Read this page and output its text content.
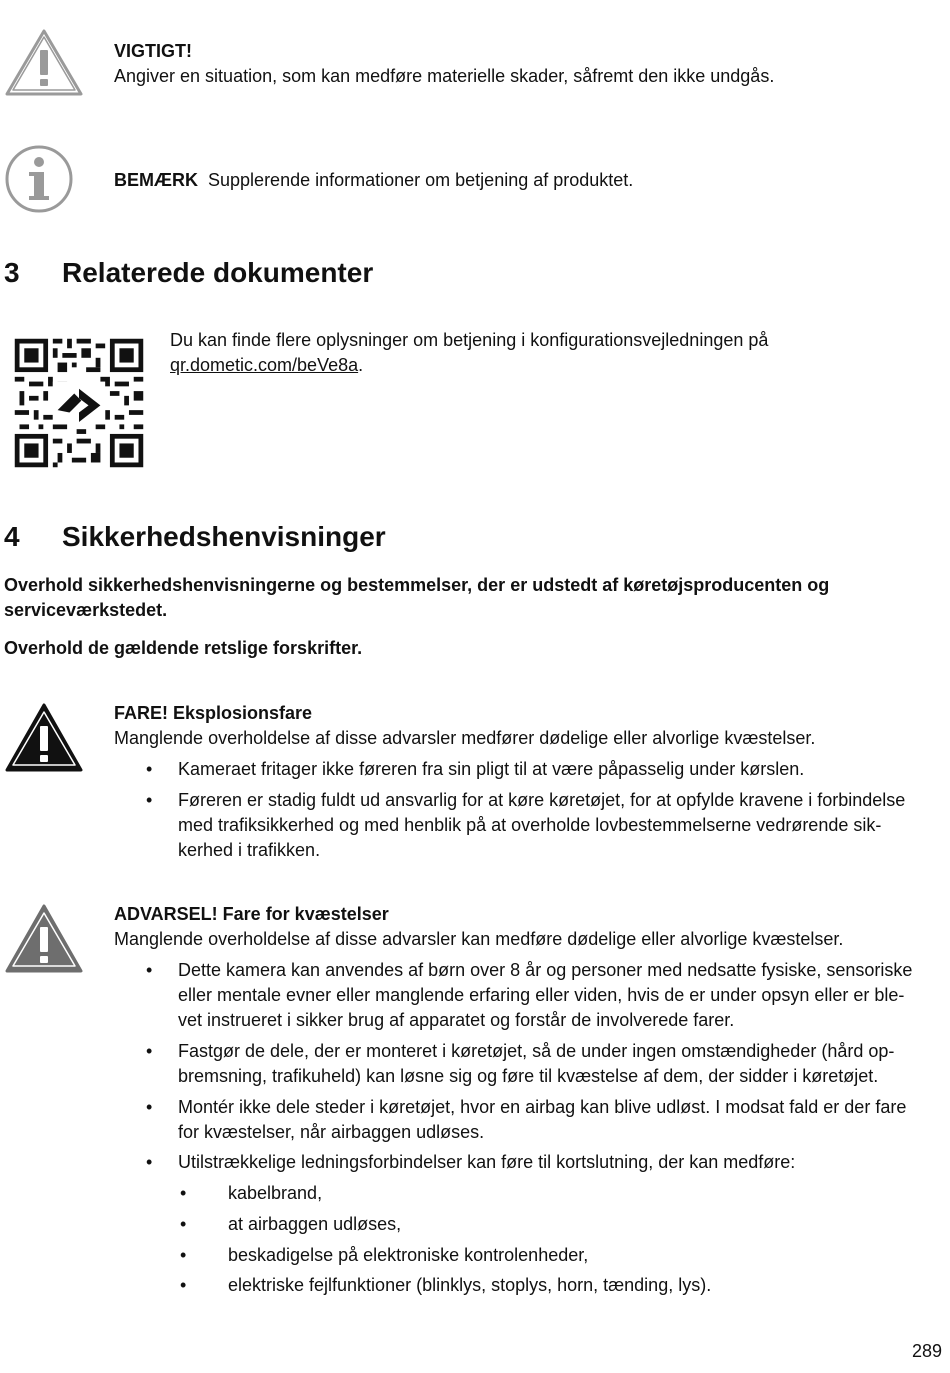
VIGTIGT!
Angiver en situation, som kan medføre materielle skader, såfremt den ikke undgås.
BEMÆRK Supplerende informationer om betjening af produktet.
3 Relaterede dokumenter
Du kan finde flere oplysninger om betjening i konfigurationsvejledningen på
qr.dometic.com/beVe8a.
4 Sikkerhedshenvisninger
Overhold sikkerhedshenvisningerne og bestemmelser, der er udstedt af køretøjsproducenten og
serviceværkstedet.
Overhold de gældende retslige forskrifter.
FARE! Eksplosionsfare
Manglende overholdelse af disse advarsler medfører dødelige eller alvorlige kvæstelser.
• Kameraet fritager ikke føreren fra sin pligt til at være påpasselig under kørslen.
• Føreren er stadig fuldt ud ansvarlig for at køre køretøjet, for at opfylde kravene i forbindelse
med trafiksikkerhed og med henblik på at overholde lovbestemmelserne vedrørende sik-
kerhed i trafikken.
ADVARSEL! Fare for kvæstelser
Manglende overholdelse af disse advarsler kan medføre dødelige eller alvorlige kvæstelser.
• Dette kamera kan anvendes af børn over 8 år og personer med nedsatte fysiske, sensoriske
eller mentale evner eller manglende erfaring eller viden, hvis de er under opsyn eller er ble-
vet instrueret i sikker brug af apparatet og forstår de involverede farer.
• Fastgør de dele, der er monteret i køretøjet, så de under ingen omstændigheder (hård op-
bremsning, trafikuheld) kan løsne sig og føre til kvæstelse af dem, der sidder i køretøjet.
• Montér ikke dele steder i køretøjet, hvor en airbag kan blive udløst. I modsat fald er der fare
for kvæstelser, når airbaggen udløses.
• Utilstrækkelige ledningsforbindelser kan føre til kortslutning, der kan medføre:
• kabelbrand,
• at airbaggen udløses,
• beskadigelse på elektroniske kontrolenheder,
• elektriske fejlfunktioner (blinklys, stoplys, horn, tænding, lys).
289
